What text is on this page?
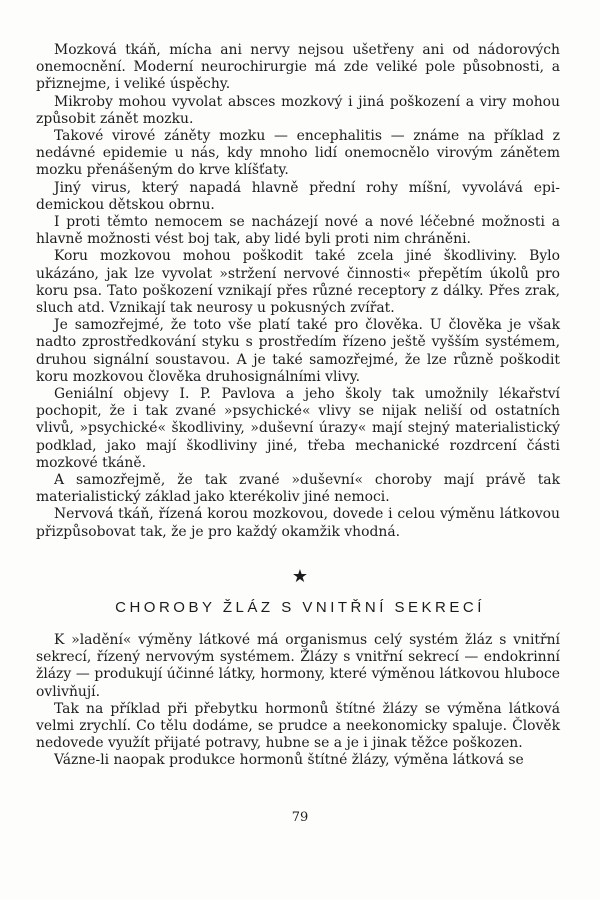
Mozková tkáň, mícha ani nervy nejsou ušetřeny ani od nádorových onemocnění. Moderní neurochirurgie má zde veliké pole působnosti, a přiznejme, i veliké úspěchy.

Mikroby mohou vyvolat absces mozkový i jiná poškození a viry mohou způsobit zánět mozku.

Takové virové záněty mozku — encephalitis — známe na příklad z nedávné epidemie u nás, kdy mnoho lidí onemocnělo virovým zánětem mozku přenášeným do krve klíšťaty.

Jiný virus, který napadá hlavně přední rohy míšní, vyvolává epidemickou dětskou obrnu.

I proti těmto nemocem se nacházejí nové a nové léčebné možnosti a hlavně možnosti vést boj tak, aby lidé byli proti nim chráněni.

Koru mozkovou mohou poškodit také zcela jiné škodliviny. Bylo ukázáno, jak lze vyvolat »stržení nervové činnosti« přepětím úkolů pro koru psa. Tato poškození vznikají přes různé receptory z dálky. Přes zrak, sluch atd. Vznikají tak neurosy u pokusných zvířat.

Je samozřejmé, že toto vše platí také pro člověka. U člověka je však nadto zprostředkování styku s prostředím řízeno ještě vyšším systémem, druhou signální soustavou. A je také samozřejmé, že lze různě poškodit koru mozkovou člověka druhosignálními vlivy.

Geniální objevy I. P. Pavlova a jeho školy tak umožnily lékařství pochopit, že i tak zvané »psychické« vlivy se nijak neliší od ostatních vlivů, »psychické« škodliviny, »duševní úrazy« mají stejný materialistický podklad, jako mají škodliviny jiné, třeba mechanické rozdrcení části mozkové tkáně.

A samozřejmě, že tak zvané »duševní« choroby mají právě tak materialistický základ jako kterékoliv jiné nemoci.

Nervová tkáň, řízená korou mozkovou, dovede i celou výměnu látkovou přizpůsobovat tak, že je pro každý okamžik vhodná.

★
CHOROBY ŽLÁZ S VNITŘNÍ SEKRECÍ

K »ladění« výměny látkové má organismus celý systém žláz s vnitřní sekrecí, řízený nervovým systémem. Žlázy s vnitřní sekrecí — endokrinní žlázy — produkují účinné látky, hormony, které výměnou látkovou hluboce ovlivňují.

Tak na příklad při přebytku hormonů štítné žlázy se výměna látková velmi zrychlí. Co tělu dodáme, se prudce a neekonomicky spaluje. Člověk nedovede využít přijaté potravy, hubne se a je i jinak těžce poškozen.

Vázne-li naopak produkce hormonů štítné žlázy, výměna látková se

79
